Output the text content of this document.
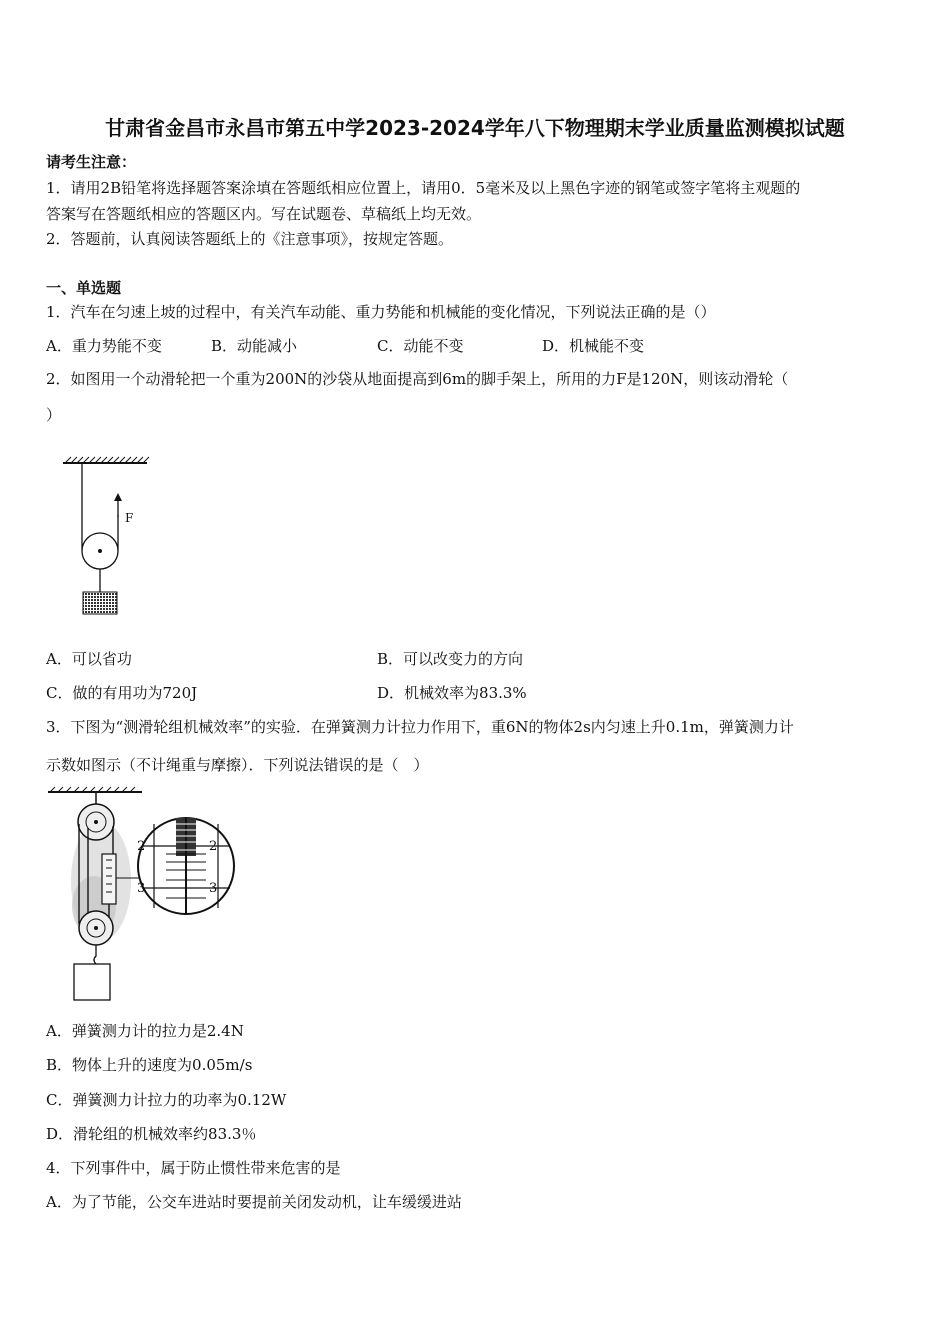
甘肃省金昌市永昌市第五中学2023-2024学年八下物理期末学业质量监测模拟试题
请考生注意：
1．请用2B铅笔将选择题答案涂填在答题纸相应位置上，请用0．5毫米及以上黑色字迹的钢笔或签字笔将主观题的
答案写在答题纸相应的答题区内。写在试题卷、草稿纸上均无效。
2．答题前，认真阅读答题纸上的《注意事项》，按规定答题。
一、单选题
1．汽车在匀速上坡的过程中，有关汽车动能、重力势能和机械能的变化情况，下列说法正确的是（）
A．重力势能不变	B．动能减小	C．动能不变	D．机械能不变
2．如图用一个动滑轮把一个重为200N的沙袋从地面提高到6m的脚手架上，所用的力F是120N，则该动滑轮（
）
F
A．可以省功	B．可以改变力的方向
C．做的有用功为720J	D．机械效率为83.3%
3．下图为“测滑轮组机械效率”的实验．在弹簧测力计拉力作用下，重6N的物体2s内匀速上升0.1m，弹簧测力计
示数如图示（不计绳重与摩擦）．下列说法错误的是（　）
2
3
2
3
A．弹簧测力计的拉力是2.4N
B．物体上升的速度为0.05m/s
C．弹簧测力计拉力的功率为0.12W
D．滑轮组的机械效率约83.3％
4．下列事件中，属于防止惯性带来危害的是
A．为了节能，公交车进站时要提前关闭发动机，让车缓缓进站
